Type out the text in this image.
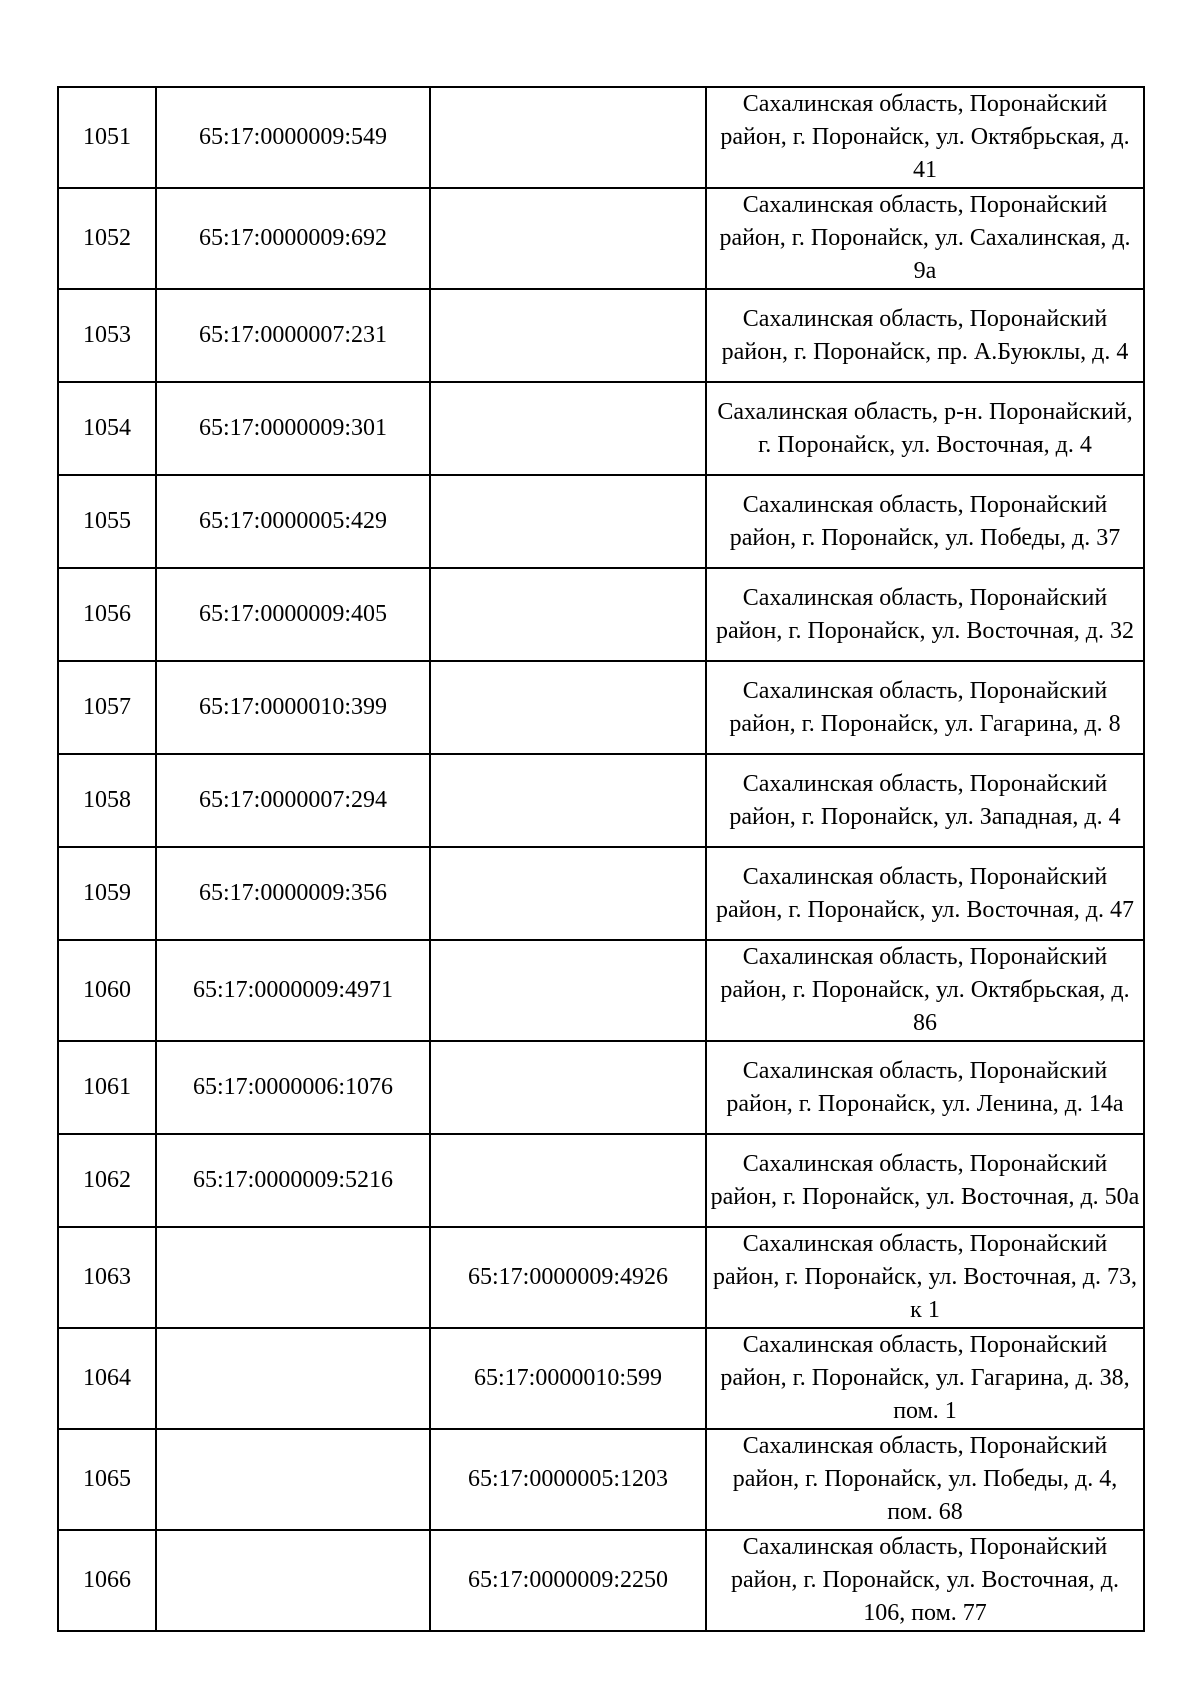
1051	65:17:0000009:549		Сахалинская область, Поронайский район, г. Поронайск, ул. Октябрьская, д. 41
1052	65:17:0000009:692		Сахалинская область, Поронайский район, г. Поронайск, ул. Сахалинская, д. 9а
1053	65:17:0000007:231		Сахалинская область, Поронайский район, г. Поронайск, пр. А.Буюклы, д. 4
1054	65:17:0000009:301		Сахалинская область, р-н. Поронайский, г. Поронайск, ул. Восточная, д. 4
1055	65:17:0000005:429		Сахалинская область, Поронайский район, г. Поронайск, ул. Победы, д. 37
1056	65:17:0000009:405		Сахалинская область, Поронайский район, г. Поронайск, ул. Восточная, д. 32
1057	65:17:0000010:399		Сахалинская область, Поронайский район, г. Поронайск, ул. Гагарина, д. 8
1058	65:17:0000007:294		Сахалинская область, Поронайский район, г. Поронайск, ул. Западная, д. 4
1059	65:17:0000009:356		Сахалинская область, Поронайский район, г. Поронайск, ул. Восточная, д. 47
1060	65:17:0000009:4971		Сахалинская область, Поронайский район, г. Поронайск, ул. Октябрьская, д. 86
1061	65:17:0000006:1076		Сахалинская область, Поронайский район, г. Поронайск, ул. Ленина, д. 14а
1062	65:17:0000009:5216		Сахалинская область, Поронайский район, г. Поронайск, ул. Восточная, д. 50а
1063		65:17:0000009:4926	Сахалинская область, Поронайский район, г. Поронайск, ул. Восточная, д. 73, к 1
1064		65:17:0000010:599	Сахалинская область, Поронайский район, г. Поронайск, ул. Гагарина, д. 38, пом. 1
1065		65:17:0000005:1203	Сахалинская область, Поронайский район, г. Поронайск, ул. Победы, д. 4, пом. 68
1066		65:17:0000009:2250	Сахалинская область, Поронайский район, г. Поронайск, ул. Восточная, д. 106, пом. 77
